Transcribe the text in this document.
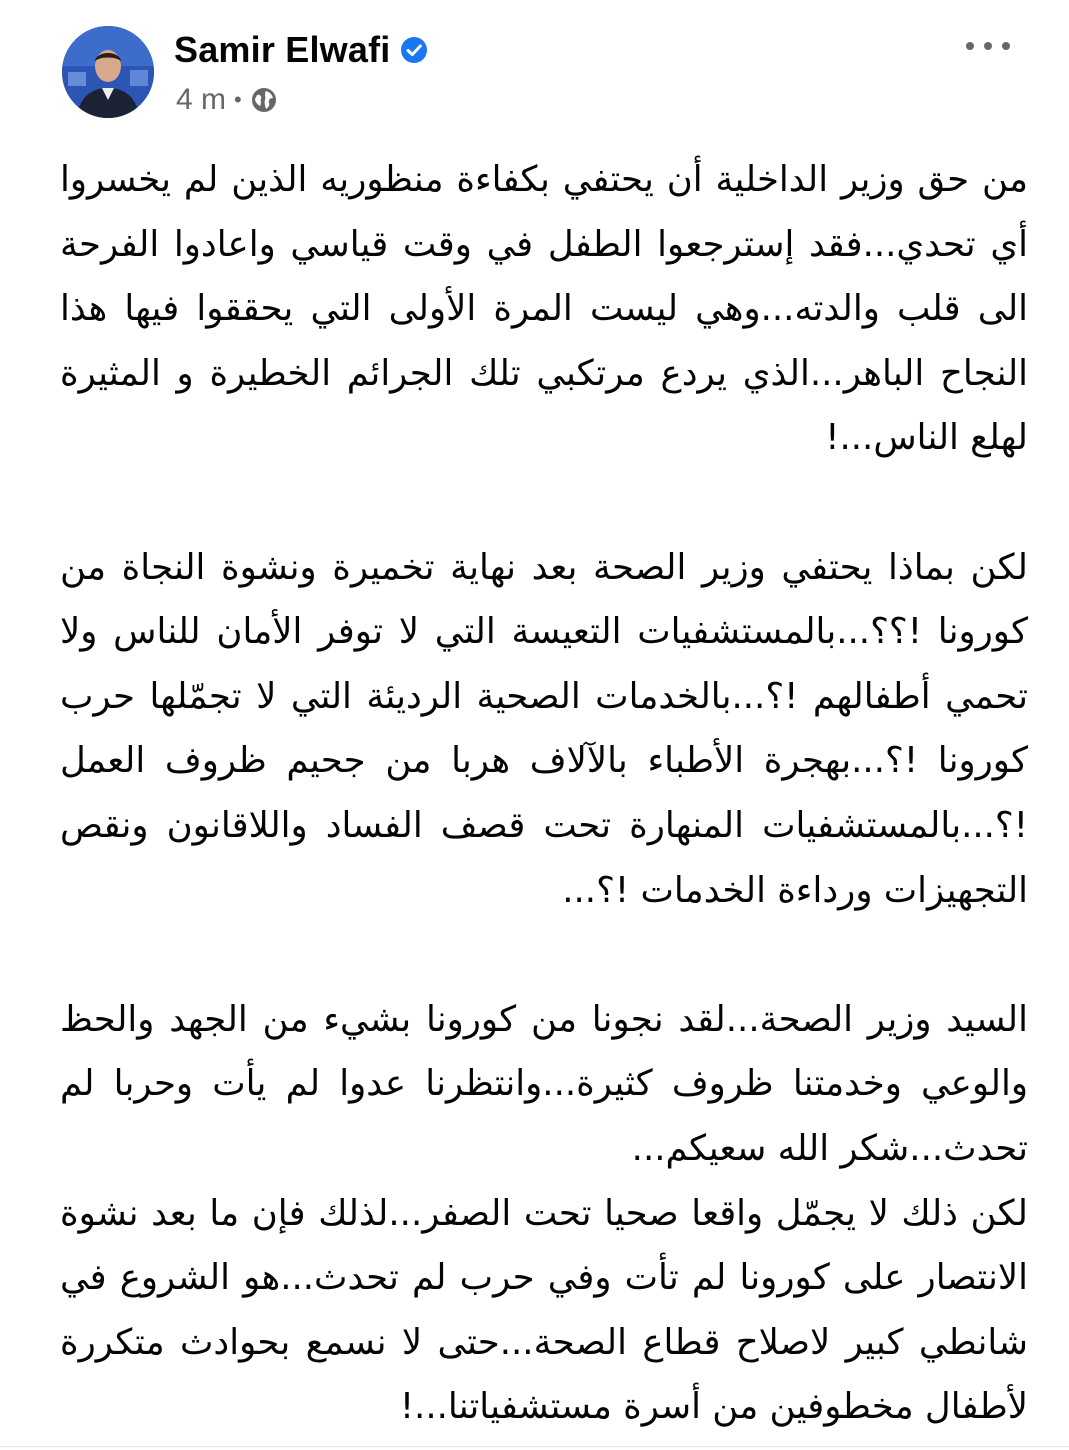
Samir Elwafi
4 m •

من حق وزير الداخلية أن يحتفي بكفاءة منظوريه الذين لم يخسروا أي تحدي...فقد إسترجعوا الطفل في وقت قياسي واعادوا الفرحة الى قلب والدته...وهي ليست المرة الأولى التي يحققوا فيها هذا النجاح الباهر...الذي يردع مرتكبي تلك الجرائم الخطيرة و المثيرة لهلع الناس...!

لكن بماذا يحتفي وزير الصحة بعد نهاية تخميرة ونشوة النجاة من كورونا !؟؟...بالمستشفيات التعيسة التي لا توفر الأمان للناس ولا تحمي أطفالهم !؟...بالخدمات الصحية الرديئة التي لا تجمّلها حرب كورونا !؟...بهجرة الأطباء بالآلاف هربا من جحيم ظروف العمل !؟...بالمستشفيات المنهارة تحت قصف الفساد واللاقانون ونقص التجهيزات ورداءة الخدمات !؟...

السيد وزير الصحة...لقد نجونا من كورونا بشيء من الجهد والحظ والوعي وخدمتنا ظروف كثيرة...وانتظرنا عدوا لم يأت وحربا لم تحدث...شكر الله سعيكم...

لكن ذلك لا يجمّل واقعا صحيا تحت الصفر...لذلك فإن ما بعد نشوة الانتصار على كورونا لم تأت وفي حرب لم تحدث...هو الشروع في شانطي كبير لاصلاح قطاع الصحة...حتى لا نسمع بحوادث متكررة لأطفال مخطوفين من أسرة مستشفياتنا...!
